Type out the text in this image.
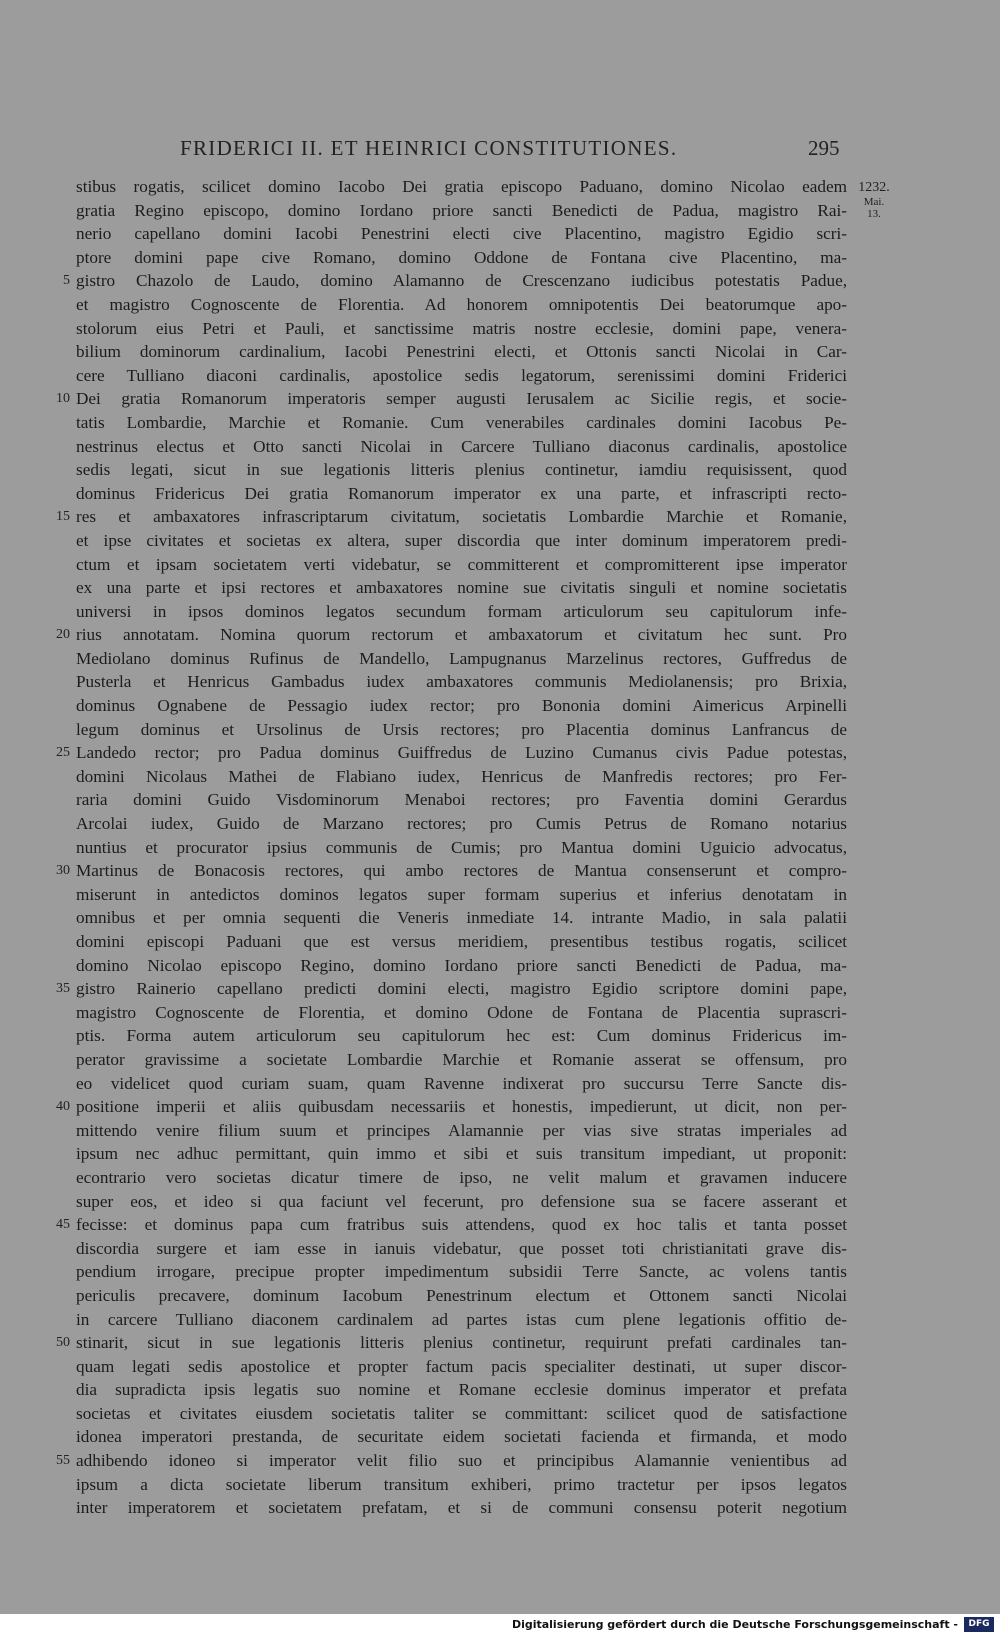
FRIDERICI II. ET HEINRICI CONSTITUTIONES.	295
1232.
Mai.
13.
stibus rogatis, scilicet domino Iacobo Dei gratia episcopo Paduano, domino Nicolao eadem
gratia Regino episcopo, domino Iordano priore sancti Benedicti de Padua, magistro Rai-
nerio capellano domini Iacobi Penestrini electi cive Placentino, magistro Egidio scri-
ptore domini pape cive Romano, domino Oddone de Fontana cive Placentino, ma-
5 gistro Chazolo de Laudo, domino Alamanno de Crescenzano iudicibus potestatis Padue,
et magistro Cognoscente de Florentia. Ad honorem omnipotentis Dei beatorumque apo-
stolorum eius Petri et Pauli, et sanctissime matris nostre ecclesie, domini pape, venera-
bilium dominorum cardinalium, Iacobi Penestrini electi, et Ottonis sancti Nicolai in Car-
cere Tulliano diaconi cardinalis, apostolice sedis legatorum, serenissimi domini Friderici
10 Dei gratia Romanorum imperatoris semper augusti Ierusalem ac Sicilie regis, et socie-
tatis Lombardie, Marchie et Romanie. Cum venerabiles cardinales domini Iacobus Pe-
nestrinus electus et Otto sancti Nicolai in Carcere Tulliano diaconus cardinalis, apostolice
sedis legati, sicut in sue legationis litteris plenius continetur, iamdiu requisissent, quod
dominus Fridericus Dei gratia Romanorum imperator ex una parte, et infrascripti recto-
15 res et ambaxatores infrascriptarum civitatum, societatis Lombardie Marchie et Romanie,
et ipse civitates et societas ex altera, super discordia que inter dominum imperatorem predi-
ctum et ipsam societatem verti videbatur, se committerent et compromitterent ipse imperator
ex una parte et ipsi rectores et ambaxatores nomine sue civitatis singuli et nomine societatis
universi in ipsos dominos legatos secundum formam articulorum seu capitulorum infe-
20 rius annotatam. Nomina quorum rectorum et ambaxatorum et civitatum hec sunt. Pro
Mediolano dominus Rufinus de Mandello, Lampugnanus Marzelinus rectores, Guffredus de
Pusterla et Henricus Gambadus iudex ambaxatores communis Mediolanensis; pro Brixia,
dominus Ognabene de Pessagio iudex rector; pro Bononia domini Aimericus Arpinelli
legum dominus et Ursolinus de Ursis rectores; pro Placentia dominus Lanfrancus de
25 Landedo rector; pro Padua dominus Guiffredus de Luzino Cumanus civis Padue potestas,
domini Nicolaus Mathei de Flabiano iudex, Henricus de Manfredis rectores; pro Fer-
raria domini Guido Visdominorum Menaboi rectores; pro Faventia domini Gerardus
Arcolai iudex, Guido de Marzano rectores; pro Cumis Petrus de Romano notarius
nuntius et procurator ipsius communis de Cumis; pro Mantua domini Uguicio advocatus,
30 Martinus de Bonacosis rectores, qui ambo rectores de Mantua consenserunt et compro-
miserunt in antedictos dominos legatos super formam superius et inferius denotatam in
omnibus et per omnia sequenti die Veneris inmediate 14. intrante Madio, in sala palatii
domini episcopi Paduani que est versus meridiem, presentibus testibus rogatis, scilicet
domino Nicolao episcopo Regino, domino Iordano priore sancti Benedicti de Padua, ma-
35 gistro Rainerio capellano predicti domini electi, magistro Egidio scriptore domini pape,
magistro Cognoscente de Florentia, et domino Odone de Fontana de Placentia suprascri-
ptis. Forma autem articulorum seu capitulorum hec est: Cum dominus Fridericus im-
perator gravissime a societate Lombardie Marchie et Romanie asserat se offensum, pro
eo videlicet quod curiam suam, quam Ravenne indixerat pro succursu Terre Sancte dis-
40 positione imperii et aliis quibusdam necessariis et honestis, impedierunt, ut dicit, non per-
mittendo venire filium suum et principes Alamannie per vias sive stratas imperiales ad
ipsum nec adhuc permittant, quin immo et sibi et suis transitum impediant, ut proponit:
econtrario vero societas dicatur timere de ipso, ne velit malum et gravamen inducere
super eos, et ideo si qua faciunt vel fecerunt, pro defensione sua se facere asserant et
45 fecisse: et dominus papa cum fratribus suis attendens, quod ex hoc talis et tanta posset
discordia surgere et iam esse in ianuis videbatur, que posset toti christianitati grave dis-
pendium irrogare, precipue propter impedimentum subsidii Terre Sancte, ac volens tantis
periculis precavere, dominum Iacobum Penestrinum electum et Ottonem sancti Nicolai
in carcere Tulliano diaconem cardinalem ad partes istas cum plene legationis offitio de-
50 stinarit, sicut in sue legationis litteris plenius continetur, requirunt prefati cardinales tan-
quam legati sedis apostolice et propter factum pacis specialiter destinati, ut super discor-
dia supradicta ipsis legatis suo nomine et Romane ecclesie dominus imperator et prefata
societas et civitates eiusdem societatis taliter se committant: scilicet quod de satisfactione
idonea imperatori prestanda, de securitate eidem societati facienda et firmanda, et modo
55 adhibendo idoneo si imperator velit filio suo et principibus Alamannie venientibus ad
ipsum a dicta societate liberum transitum exhiberi, primo tractetur per ipsos legatos
inter imperatorem et societatem prefatam, et si de communi consensu poterit negotium
Digitalisierung gefördert durch die Deutsche Forschungsgemeinschaft -	DFG
